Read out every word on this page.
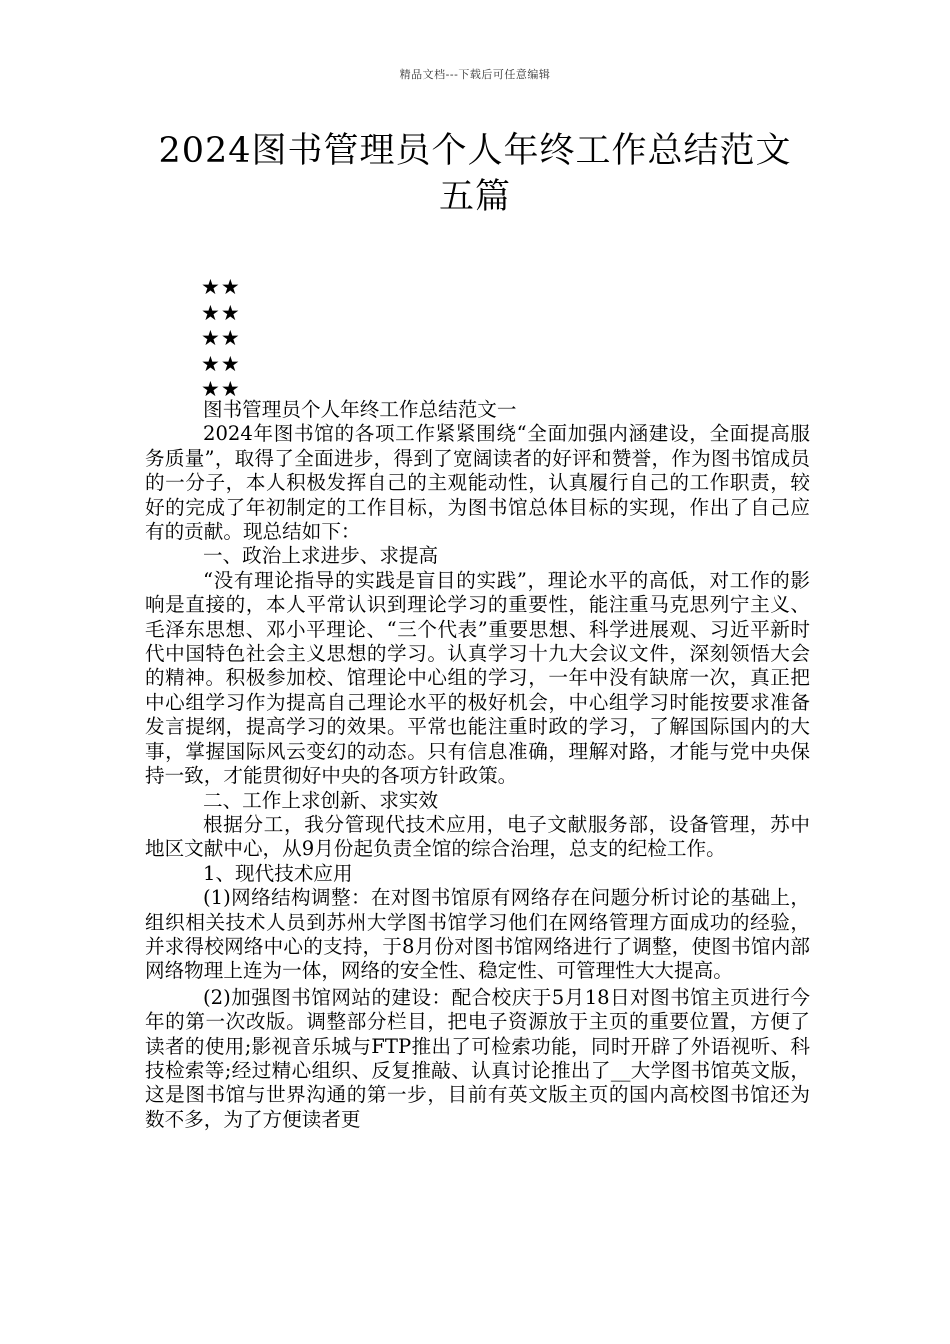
精品文档---下载后可任意编辑
2024图书管理员个人年终工作总结范文五篇
★★
★★
★★
★★
★★

图书管理员个人年终工作总结范文一

2024年图书馆的各项工作紧紧围绕“全面加强内涵建设，全面提高服务质量”，取得了全面进步，得到了宽阔读者的好评和赞誉，作为图书馆成员的一分子，本人积极发挥自己的主观能动性，认真履行自己的工作职责，较好的完成了年初制定的工作目标，为图书馆总体目标的实现，作出了自己应有的贡献。现总结如下：

一、政治上求进步、求提高

“没有理论指导的实践是盲目的实践”，理论水平的高低，对工作的影响是直接的，本人平常认识到理论学习的重要性，能注重马克思列宁主义、毛泽东思想、邓小平理论、“三个代表”重要思想、科学进展观、习近平新时代中国特色社会主义思想的学习。认真学习十九大会议文件，深刻领悟大会的精神。积极参加校、馆理论中心组的学习，一年中没有缺席一次，真正把中心组学习作为提高自己理论水平的极好机会，中心组学习时能按要求准备发言提纲，提高学习的效果。平常也能注重时政的学习，了解国际国内的大事，掌握国际风云变幻的动态。只有信息准确，理解对路，才能与党中央保持一致，才能贯彻好中央的各项方针政策。

二、工作上求创新、求实效

根据分工，我分管现代技术应用，电子文献服务部，设备管理，苏中地区文献中心，从9月份起负责全馆的综合治理，总支的纪检工作。

1、现代技术应用

(1)网络结构调整：在对图书馆原有网络存在问题分析讨论的基础上，组织相关技术人员到苏州大学图书馆学习他们在网络管理方面成功的经验，并求得校网络中心的支持，于8月份对图书馆网络进行了调整，使图书馆内部网络物理上连为一体，网络的安全性、稳定性、可管理性大大提高。

(2)加强图书馆网站的建设：配合校庆于5月18日对图书馆主页进行今年的第一次改版。调整部分栏目，把电子资源放于主页的重要位置，方便了读者的使用;影视音乐城与FTP推出了可检索功能，同时开辟了外语视听、科技检索等;经过精心组织、反复推敲、认真讨论推出了__大学图书馆英文版，这是图书馆与世界沟通的第一步，目前有英文版主页的国内高校图书馆还为数不多，为了方便读者更
